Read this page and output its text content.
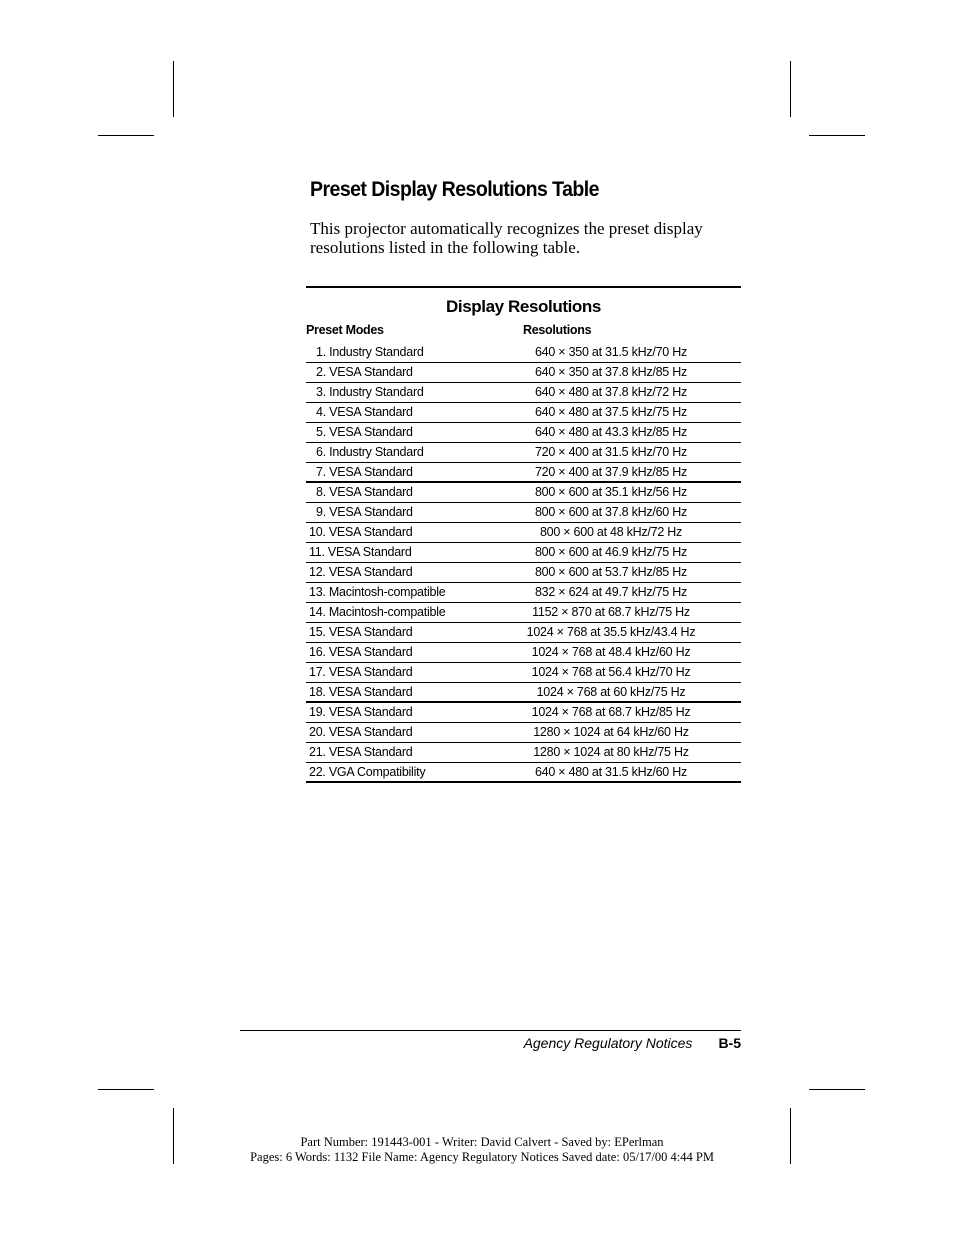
Preset Display Resolutions Table

This projector automatically recognizes the preset display resolutions listed in the following table.

Display Resolutions
Preset Modes	Resolutions
1. Industry Standard	640 × 350 at 31.5 kHz/70 Hz
2. VESA Standard	640 × 350 at 37.8 kHz/85 Hz
3. Industry Standard	640 × 480 at 37.8 kHz/72 Hz
4. VESA Standard	640 × 480 at 37.5 kHz/75 Hz
5. VESA Standard	640 × 480 at 43.3 kHz/85 Hz
6. Industry Standard	720 × 400 at 31.5 kHz/70 Hz
7. VESA Standard	720 × 400 at 37.9 kHz/85 Hz
8. VESA Standard	800 × 600 at 35.1 kHz/56 Hz
9. VESA Standard	800 × 600 at 37.8 kHz/60 Hz
10. VESA Standard	800 × 600 at 48 kHz/72 Hz
11. VESA Standard	800 × 600 at 46.9 kHz/75 Hz
12. VESA Standard	800 × 600 at 53.7 kHz/85 Hz
13. Macintosh-compatible	832 × 624 at 49.7 kHz/75 Hz
14. Macintosh-compatible	1152 × 870 at 68.7 kHz/75 Hz
15. VESA Standard	1024 × 768 at 35.5 kHz/43.4 Hz
16. VESA Standard	1024 × 768 at 48.4 kHz/60 Hz
17. VESA Standard	1024 × 768 at 56.4 kHz/70 Hz
18. VESA Standard	1024 × 768 at 60 kHz/75 Hz
19. VESA Standard	1024 × 768 at 68.7 kHz/85 Hz
20. VESA Standard	1280 × 1024 at 64 kHz/60 Hz
21. VESA Standard	1280 × 1024 at 80 kHz/75 Hz
22. VGA Compatibility	640 × 480 at 31.5 kHz/60 Hz
Agency Regulatory Notices B-5
Part Number: 191443-001 - Writer: David Calvert - Saved by: EPerlman
Pages: 6 Words: 1132 File Name: Agency Regulatory Notices Saved date: 05/17/00 4:44 PM
